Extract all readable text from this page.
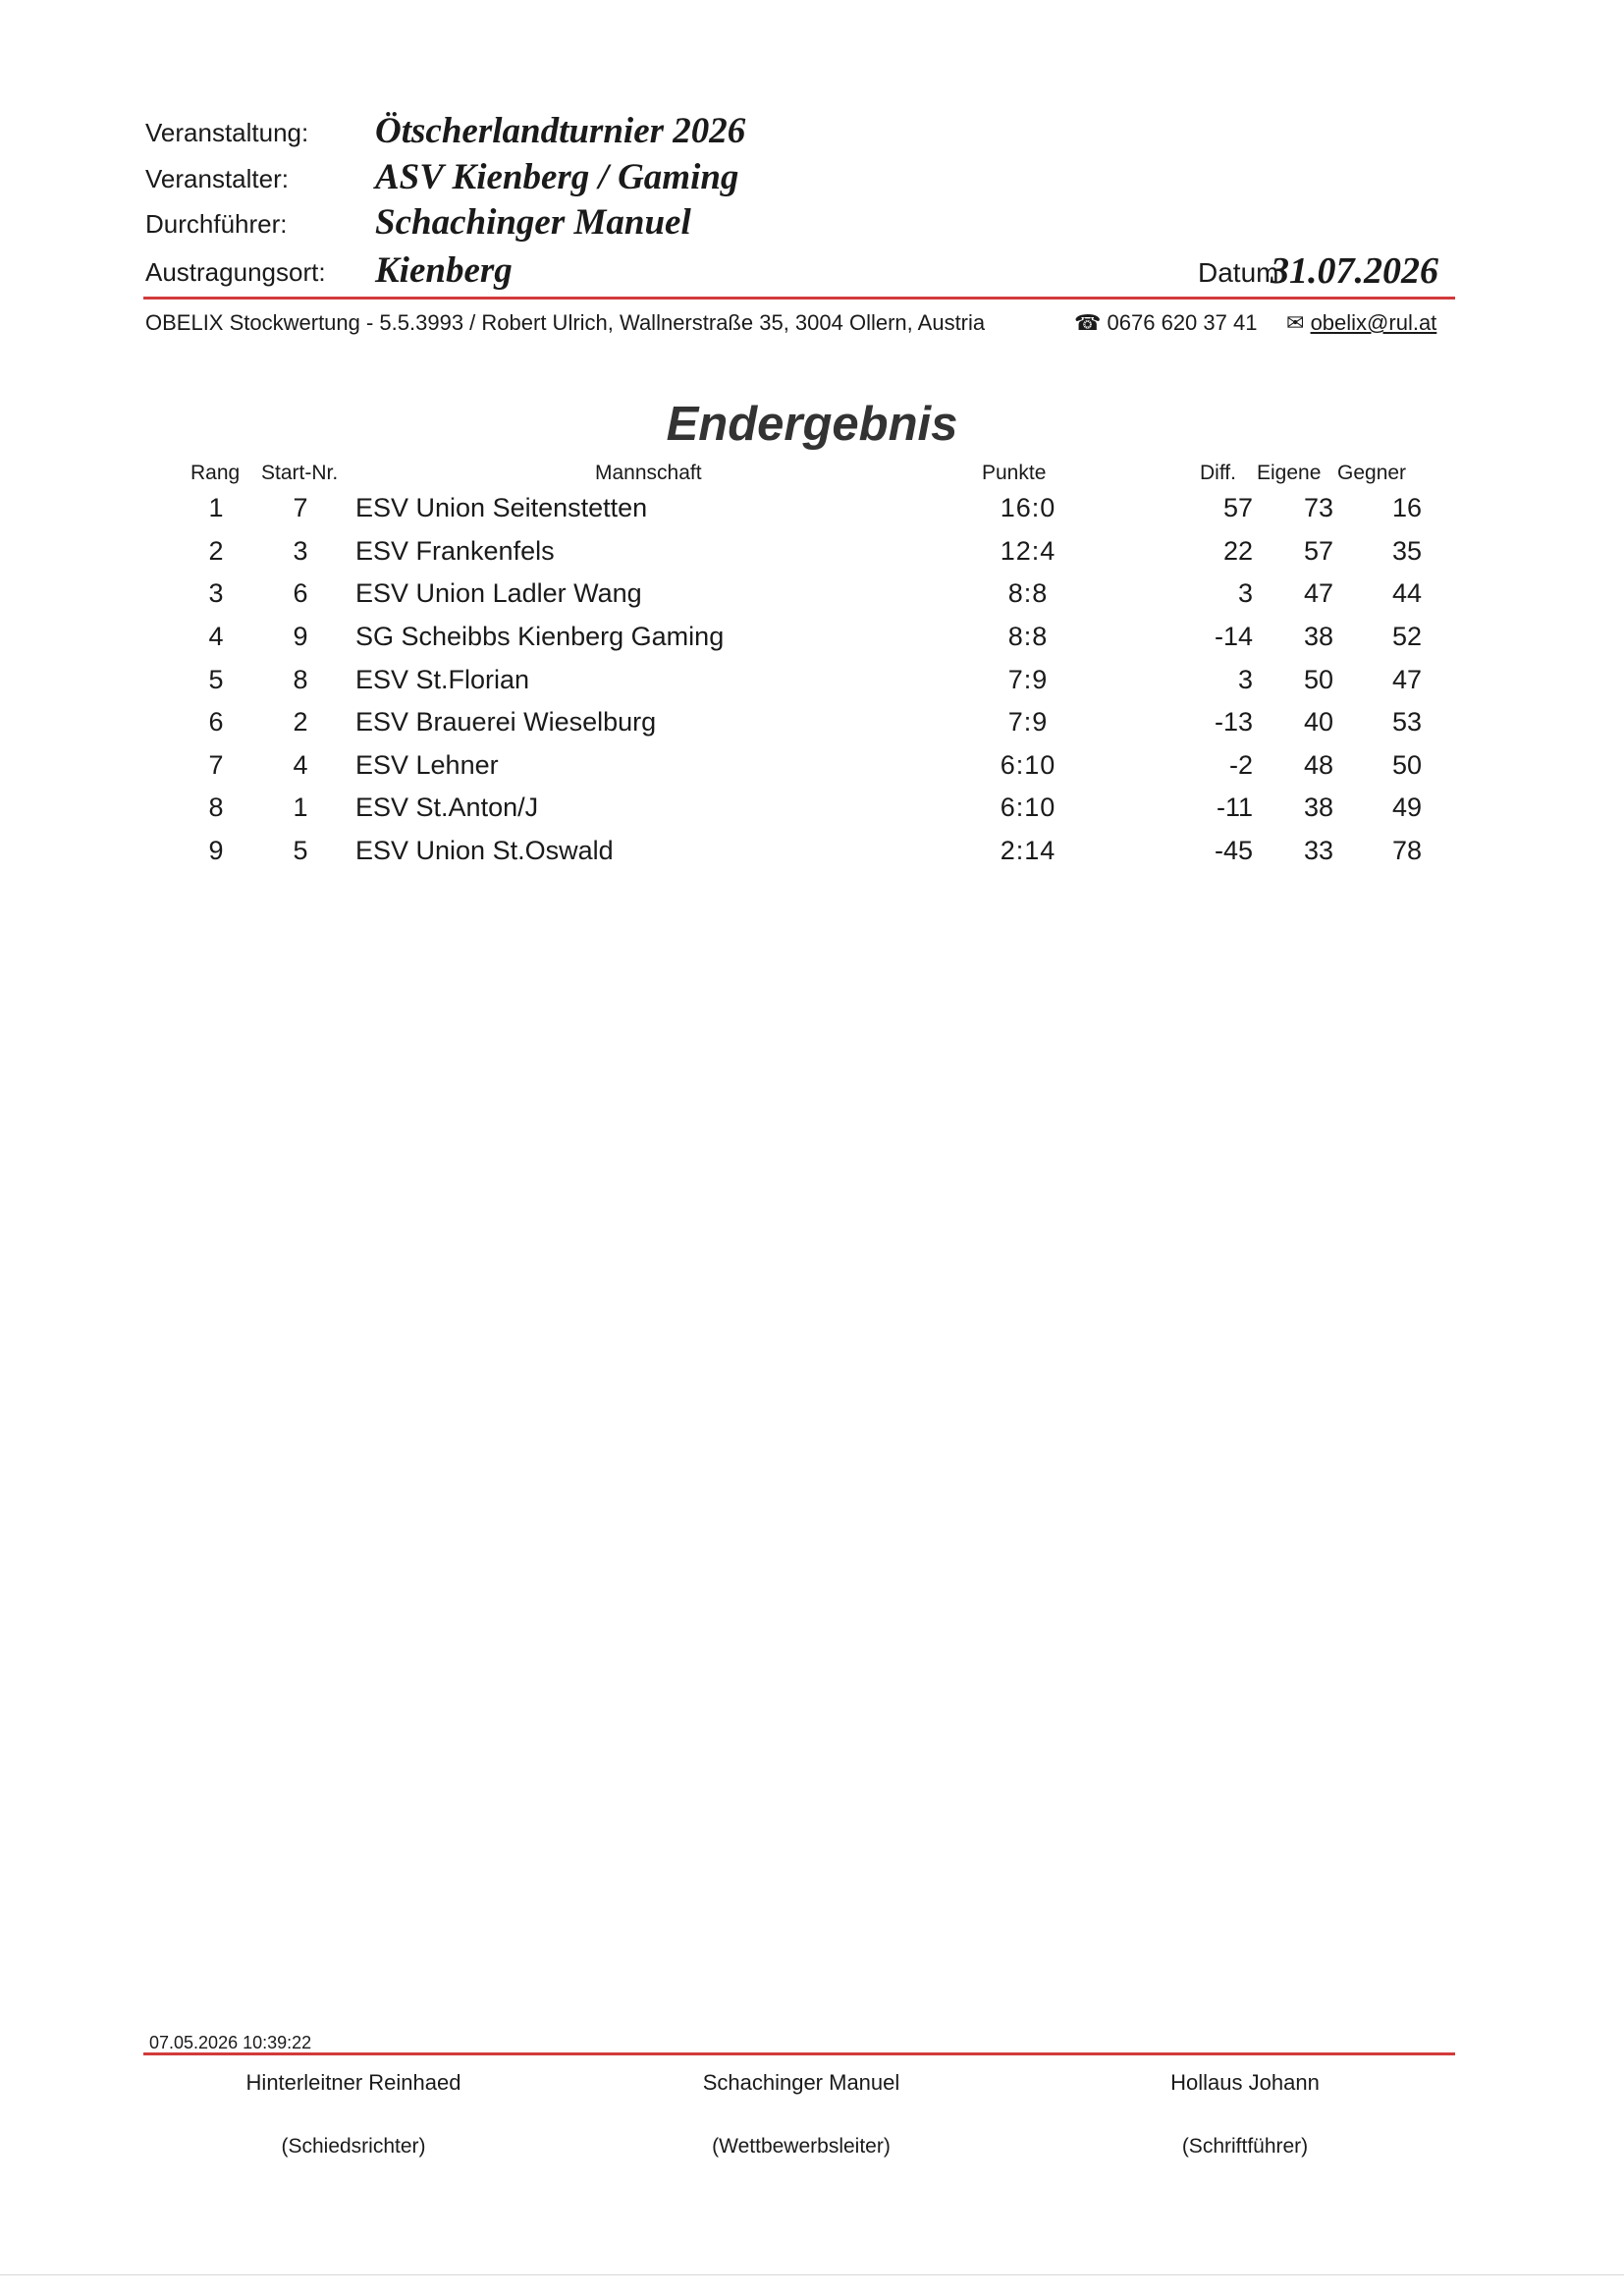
Veranstaltung: Ötscherlandturnier 2026
Veranstalter: ASV Kienberg / Gaming
Durchführer: Schachinger Manuel
Austragungsort: Kienberg	Datum:
31.07.2026
OBELIX Stockwertung - 5.5.3993 / Robert Ulrich, Wallnerstraße 35, 3004 Ollern, Austria	☎ 0676 620 37 41 ✉ obelix@rul.at
Endergebnis
Rang Start-Nr.	Mannschaft	Punkte	Diff. Eigene Gegner
1	7	ESV Union Seitenstetten	16:0	57	73	16
2	3	ESV Frankenfels	12:4	22	57	35
3	6	ESV Union Ladler Wang	8:8	3	47	44
4	9	SG Scheibbs Kienberg Gaming	8:8	-14	38	52
5	8	ESV St.Florian	7:9	3	50	47
6	2	ESV Brauerei Wieselburg	7:9	-13	40	53
7	4	ESV Lehner	6:10	-2	48	50
8	1	ESV St.Anton/J	6:10	-11	38	49
9	5	ESV Union St.Oswald	2:14	-45	33	78
07.05.2026 10:39:22
Hinterleitner Reinhaed
(Schiedsrichter)
Schachinger Manuel
(Wettbewerbsleiter)
Hollaus Johann
(Schriftführer)
